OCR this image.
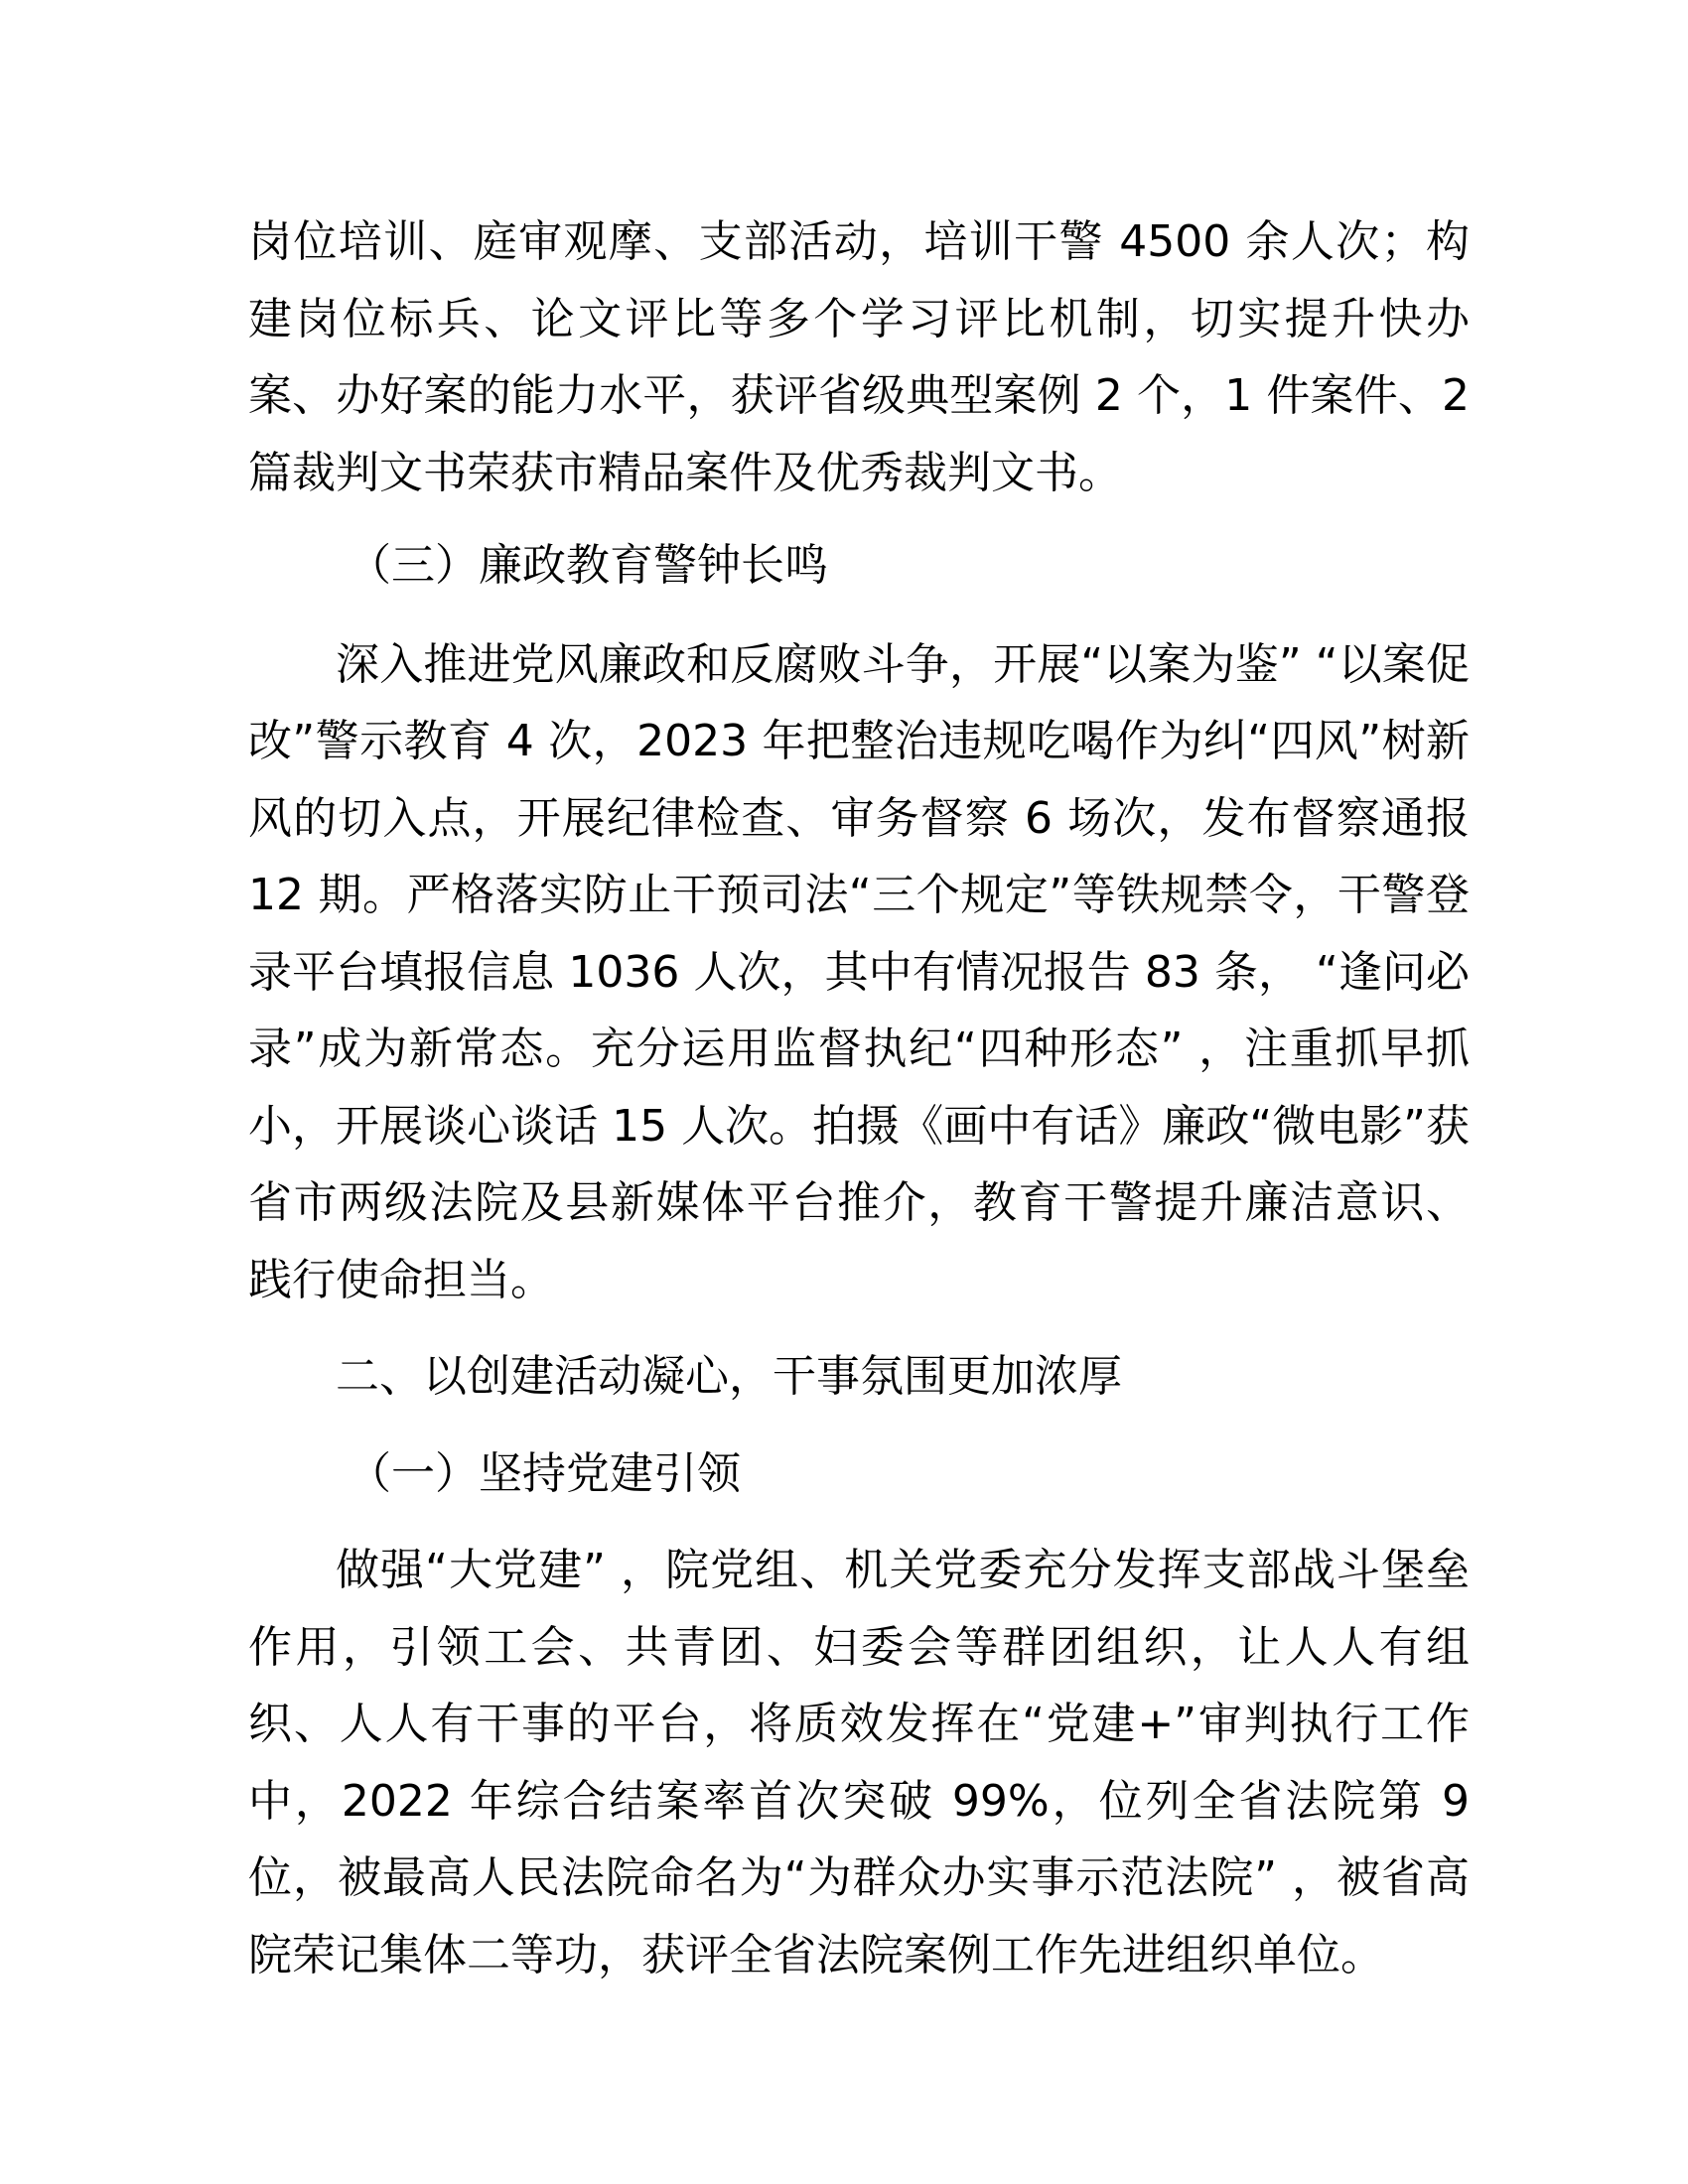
岗位培训、庭审观摩、支部活动，培训干警 4500 余人次；构建岗位标兵、论文评比等多个学习评比机制，切实提升快办案、办好案的能力水平，获评省级典型案例 2 个，1 件案件、2 篇裁判文书荣获市精品案件及优秀裁判文书。

（三）廉政教育警钟长鸣

深入推进党风廉政和反腐败斗争，开展“以案为鉴” “以案促改”警示教育 4 次，2023 年把整治违规吃喝作为纠“四风”树新风的切入点，开展纪律检查、审务督察 6 场次，发布督察通报 12 期。严格落实防止干预司法“三个规定”等铁规禁令，干警登录平台填报信息 1036 人次，其中有情况报告 83 条， “逢问必录”成为新常态。充分运用监督执纪“四种形态” ，注重抓早抓小，开展谈心谈话 15 人次。拍摄《画中有话》廉政“微电影”获省市两级法院及县新媒体平台推介，教育干警提升廉洁意识、践行使命担当。

二、以创建活动凝心，干事氛围更加浓厚

（一）坚持党建引领

做强“大党建” ，院党组、机关党委充分发挥支部战斗堡垒作用，引领工会、共青团、妇委会等群团组织，让人人有组织、人人有干事的平台，将质效发挥在“党建+”审判执行工作中，2022 年综合结案率首次突破 99%，位列全省法院第 9 位，被最高人民法院命名为“为群众办实事示范法院” ，被省高院荣记集体二等功，获评全省法院案例工作先进组织单位。
